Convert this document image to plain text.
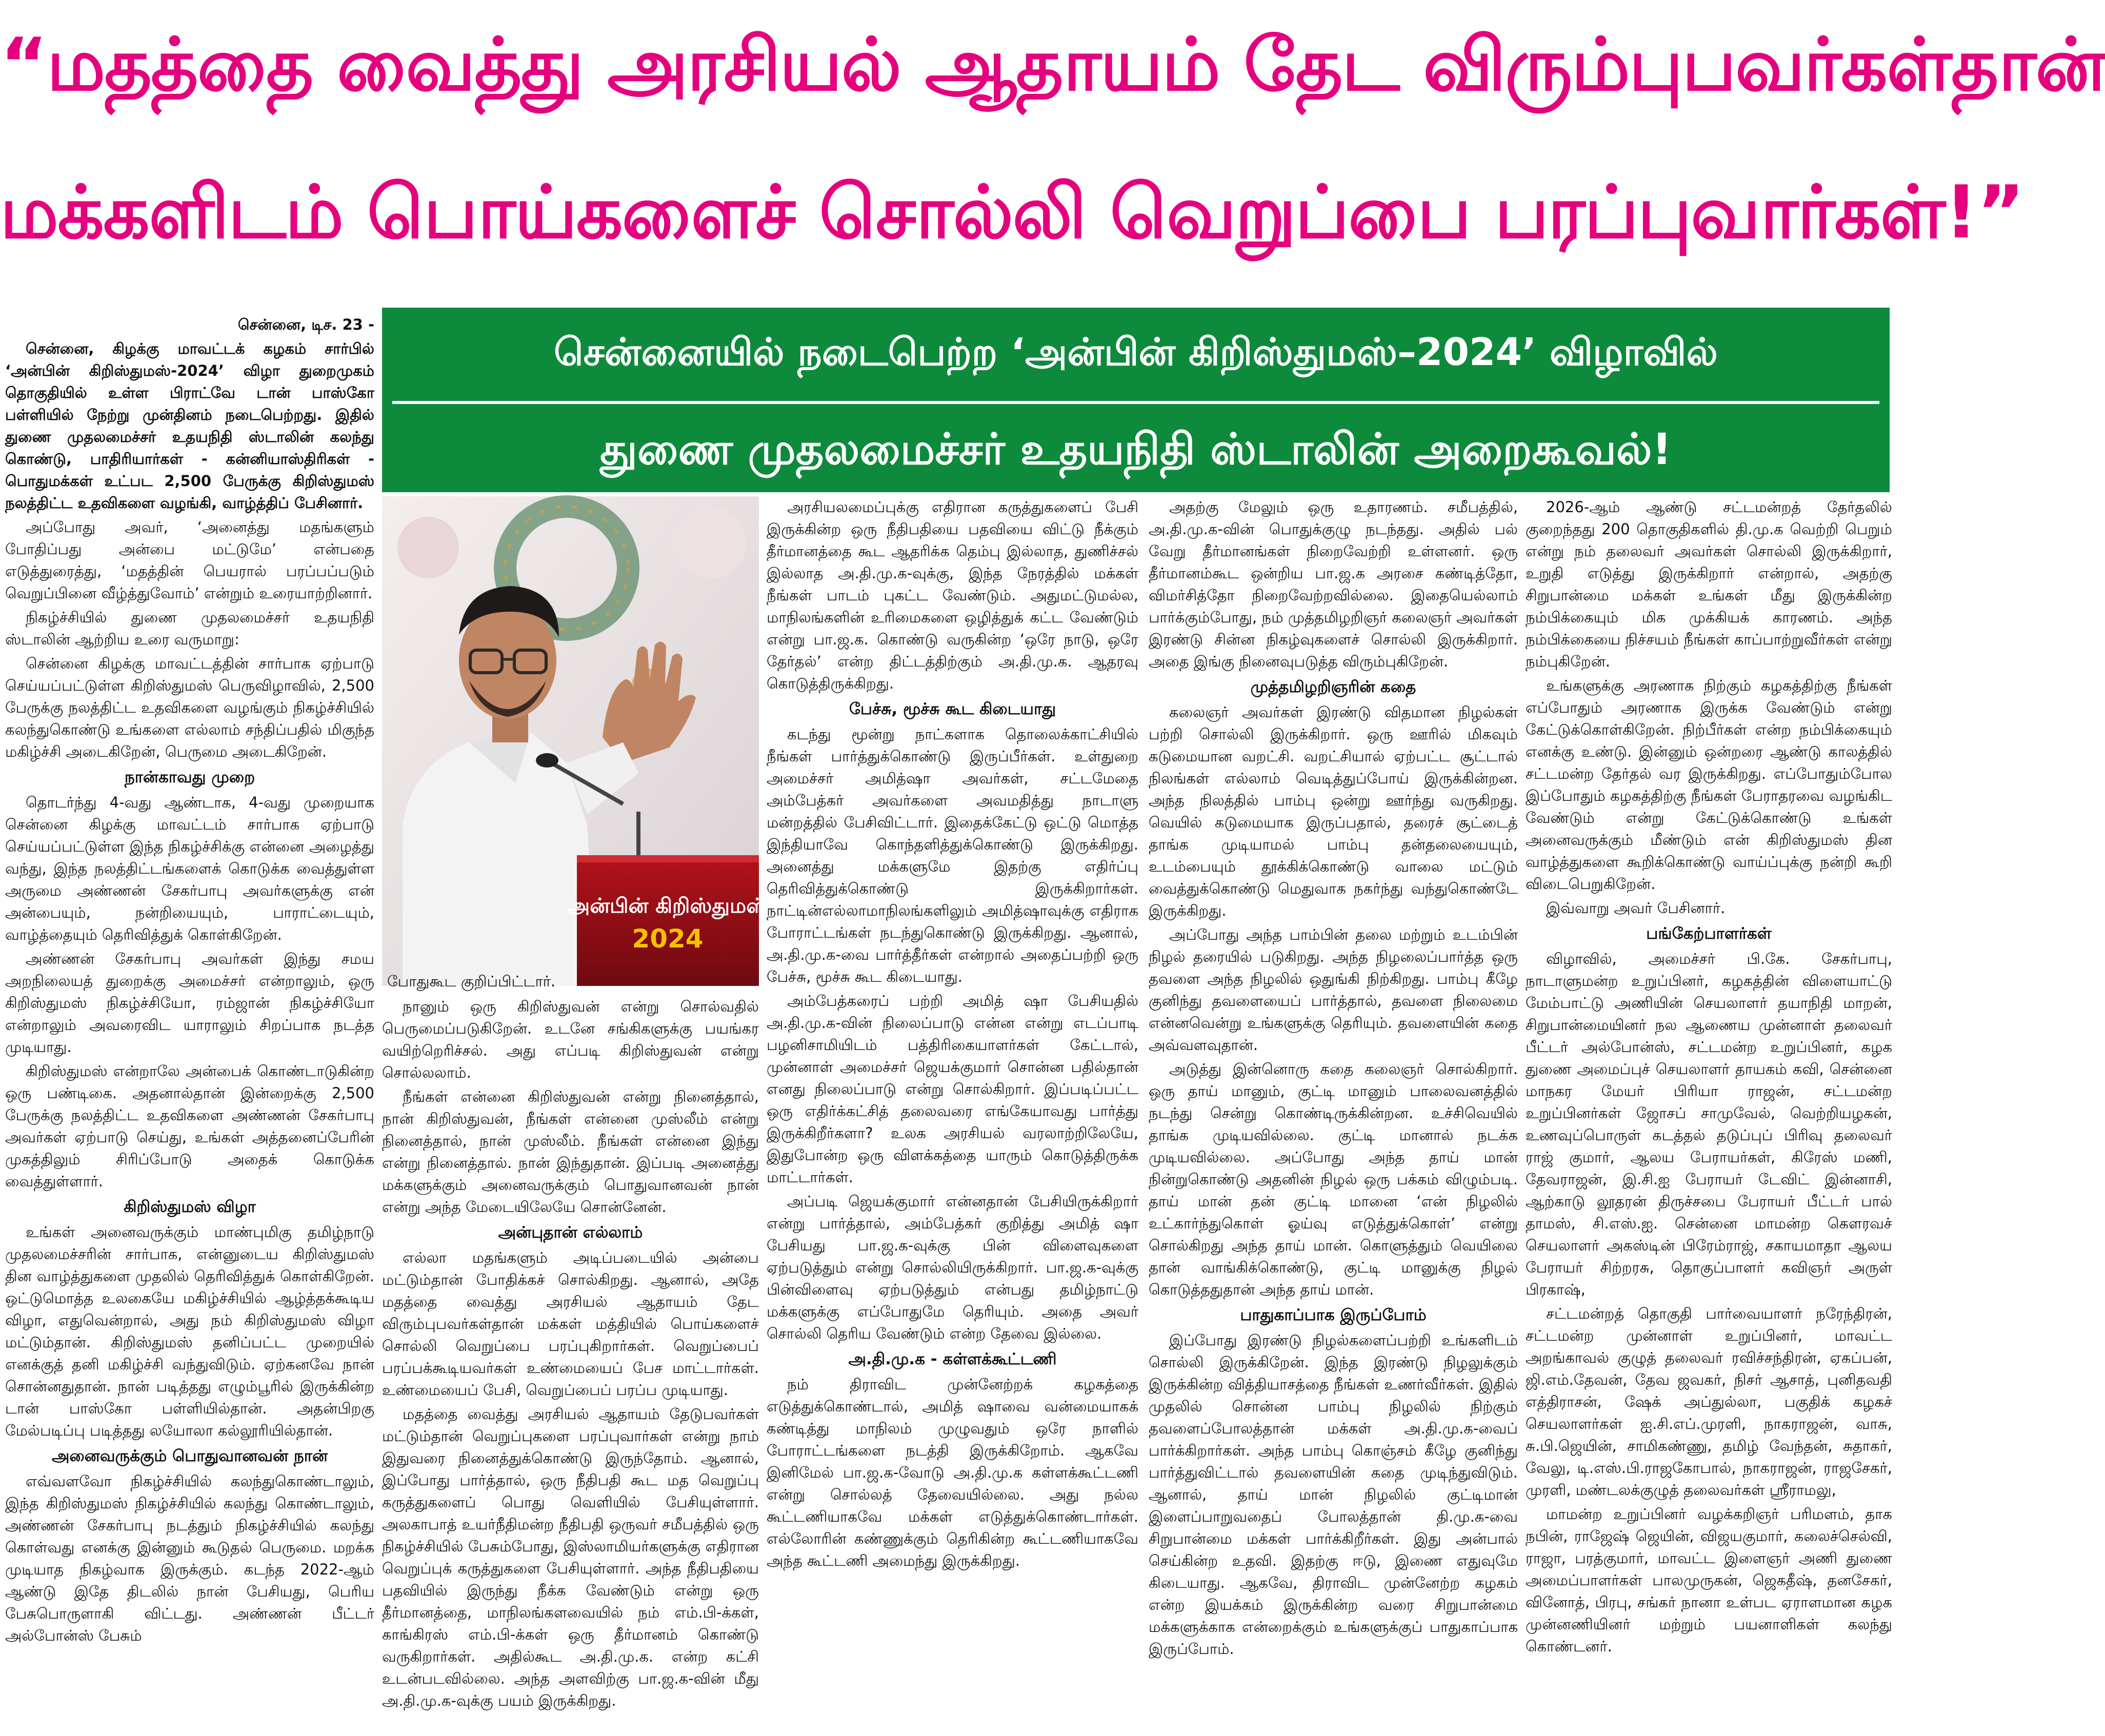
“மதத்தை வைத்து அரசியல் ஆதாயம் தேட விரும்புபவர்கள்தான்
மக்களிடம் பொய்களைச் சொல்லி வெறுப்பை பரப்புவார்கள்!”

சென்னை, டிச. 23 -

சென்னை, கிழக்கு மாவட்டக் கழகம் சார்பில் ‘அன்பின் கிறிஸ்துமஸ்-2024’ விழா துறைமுகம் தொகுதியில் உள்ள பிராட்வே டான் பாஸ்கோ பள்ளியில் நேற்று முன்தினம் நடைபெற்றது. இதில் துணை முதலமைச்சர் உதயநிதி ஸ்டாலின் கலந்து கொண்டு, பாதிரியார்கள் - கன்னியாஸ்திரிகள் - பொதுமக்கள் உட்பட 2,500 பேருக்கு கிறிஸ்துமஸ் நலத்திட்ட உதவிகளை வழங்கி, வாழ்த்திப் பேசினார்.

அப்போது அவர், ‘அனைத்து மதங்களும் போதிப்பது அன்பை மட்டுமே’ என்பதை எடுத்துரைத்து, ‘மதத்தின் பெயரால் பரப்பப்படும் வெறுப்பினை வீழ்த்துவோம்’ என்றும் உரையாற்றினார்.

நிகழ்ச்சியில் துணை முதலமைச்சர் உதயநிதி ஸ்டாலின் ஆற்றிய உரை வருமாறு:

சென்னை கிழக்கு மாவட்டத்தின் சார்பாக ஏற்பாடு செய்யப்பட்டுள்ள கிறிஸ்துமஸ் பெருவிழாவில், 2,500 பேருக்கு நலத்திட்ட உதவிகளை வழங்கும் நிகழ்ச்சியில் கலந்துகொண்டு உங்களை எல்லாம் சந்திப்பதில் மிகுந்த மகிழ்ச்சி அடைகிறேன், பெருமை அடைகிறேன்.

நான்காவது முறை

தொடர்ந்து 4-வது ஆண்டாக, 4-வது முறையாக சென்னை கிழக்கு மாவட்டம் சார்பாக ஏற்பாடு செய்யப்பட்டுள்ள இந்த நிகழ்ச்சிக்கு என்னை அழைத்து வந்து, இந்த நலத்திட்டங்களைக் கொடுக்க வைத்துள்ள அருமை அண்ணன் சேகர்பாபு அவர்களுக்கு என் அன்பையும், நன்றியையும், பாராட்டையும், வாழ்த்தையும் தெரிவித்துக் கொள்கிறேன்.

அண்ணன் சேகர்பாபு அவர்கள் இந்து சமய அறநிலையத் துறைக்கு அமைச்சர் என்றாலும், ஒரு கிறிஸ்துமஸ் நிகழ்ச்சியோ, ரம்ஜான் நிகழ்ச்சியோ என்றாலும் அவரைவிட யாராலும் சிறப்பாக நடத்த முடியாது.

கிறிஸ்துமஸ் என்றாலே அன்பைக் கொண்டாடுகின்ற ஒரு பண்டிகை. அதனால்தான் இன்றைக்கு 2,500 பேருக்கு நலத்திட்ட உதவிகளை அண்ணன் சேகர்பாபு அவர்கள் ஏற்பாடு செய்து, உங்கள் அத்தனைப்பேரின் முகத்திலும் சிரிப்போடு அதைக் கொடுக்க வைத்துள்ளார்.

கிறிஸ்துமஸ் விழா

உங்கள் அனைவருக்கும் மாண்புமிகு தமிழ்நாடு முதலமைச்சரின் சார்பாக, என்னுடைய கிறிஸ்துமஸ் தின வாழ்த்துகளை முதலில் தெரிவித்துக் கொள்கிறேன். ஒட்டுமொத்த உலகையே மகிழ்ச்சியில் ஆழ்த்தக்கூடிய விழா, எதுவென்றால், அது நம் கிறிஸ்துமஸ் விழா மட்டும்தான். கிறிஸ்துமஸ் தனிப்பட்ட முறையில் எனக்குத் தனி மகிழ்ச்சி வந்துவிடும். ஏற்கனவே நான் சொன்னதுதான். நான் படித்தது எழும்பூரில் இருக்கின்ற டான் பாஸ்கோ பள்ளியில்தான். அதன்பிறகு மேல்படிப்பு படித்தது லயோலா கல்லூரியில்தான்.

அனைவருக்கும் பொதுவானவன் நான்

எவ்வளவோ நிகழ்ச்சியில் கலந்துகொண்டாலும், இந்த கிறிஸ்துமஸ் நிகழ்ச்சியில் கலந்து கொண்டாலும், அண்ணன் சேகர்பாபு நடத்தும் நிகழ்ச்சியில் கலந்து கொள்வது எனக்கு இன்னும் கூடுதல் பெருமை. மறக்க முடியாத நிகழ்வாக இருக்கும். கடந்த 2022-ஆம் ஆண்டு இதே திடலில் நான் பேசியது, பெரிய பேசுபொருளாகி விட்டது. அண்ணன் பீட்டர் அல்போன்ஸ் பேசும்

சென்னையில் நடைபெற்ற ‘அன்பின் கிறிஸ்துமஸ்–2024’ விழாவில்
துணை முதலமைச்சர் உதயநிதி ஸ்டாலின் அறைகூவல்!
அன்பின் கிறிஸ்துமஸ்
2024
போதுகூட குறிப்பிட்டார்.

நானும் ஒரு கிறிஸ்துவன் என்று சொல்வதில் பெருமைப்படுகிறேன். உடனே சங்கிகளுக்கு பயங்கர வயிற்றெரிச்சல். அது எப்படி கிறிஸ்துவன் என்று சொல்லலாம்.

நீங்கள் என்னை கிறிஸ்துவன் என்று நினைத்தால், நான் கிறிஸ்துவன், நீங்கள் என்னை முஸ்லீம் என்று நினைத்தால், நான் முஸ்லீம். நீங்கள் என்னை இந்து என்று நினைத்தால். நான் இந்துதான். இப்படி அனைத்து மக்களுக்கும் அனைவருக்கும் பொதுவானவன் நான் என்று அந்த மேடையிலேயே சொன்னேன்.

அன்புதான் எல்லாம்

எல்லா மதங்களும் அடிப்படையில் அன்பை மட்டும்தான் போதிக்கச் சொல்கிறது. ஆனால், அதே மதத்தை வைத்து அரசியல் ஆதாயம் தேட விரும்புபவர்கள்தான் மக்கள் மத்தியில் பொய்களைச் சொல்லி வெறுப்பை பரப்புகிறார்கள். வெறுப்பைப் பரப்பக்கூடியவர்கள் உண்மையைப் பேச மாட்டார்கள். உண்மையைப் பேசி, வெறுப்பைப் பரப்ப முடியாது.

மதத்தை வைத்து அரசியல் ஆதாயம் தேடுபவர்கள் மட்டும்தான் வெறுப்புகளை பரப்புவார்கள் என்று நாம் இதுவரை நினைத்துக்கொண்டு இருந்தோம். ஆனால், இப்போது பார்த்தால், ஒரு நீதிபதி கூட மத வெறுப்பு கருத்துகளைப் பொது வெளியில் பேசியுள்ளார். அலகாபாத் உயர்நீதிமன்ற நீதிபதி ஒருவர் சமீபத்தில் ஒரு நிகழ்ச்சியில் பேசும்போது, இஸ்லாமியர்களுக்கு எதிரான வெறுப்புக் கருத்துகளை பேசியுள்ளார். அந்த நீதிபதியை பதவியில் இருந்து நீக்க வேண்டும் என்று ஒரு தீர்மானத்தை, மாநிலங்களவையில் நம் எம்.பி-க்கள், காங்கிரஸ் எம்.பி-க்கள் ஒரு தீர்மானம் கொண்டு வருகிறார்கள். அதில்கூட அ.தி.மு.க. என்ற கட்சி உடன்படவில்லை. அந்த அளவிற்கு பா.ஜ.க-வின் மீது அ.தி.மு.க-வுக்கு பயம் இருக்கிறது.

அரசியலமைப்புக்கு எதிரான கருத்துகளைப் பேசி இருக்கின்ற ஒரு நீதிபதியை பதவியை விட்டு நீக்கும் தீர்மானத்தை கூட ஆதரிக்க தெம்பு இல்லாத, துணிச்சல் இல்லாத அ.தி.மு.க-வுக்கு, இந்த நேரத்தில் மக்கள் நீங்கள் பாடம் புகட்ட வேண்டும். அதுமட்டுமல்ல, மாநிலங்களின் உரிமைகளை ஒழித்துக் கட்ட வேண்டும் என்று பா.ஜ.க. கொண்டு வருகின்ற ‘ஒரே நாடு, ஒரே தேர்தல்’ என்ற திட்டத்திற்கும் அ.தி.மு.க. ஆதரவு கொடுத்திருக்கிறது.

பேச்சு, மூச்சு கூட கிடையாது

கடந்து மூன்று நாட்களாக தொலைக்காட்சியில் நீங்கள் பார்த்துக்கொண்டு இருப்பீர்கள். உள்துறை அமைச்சர் அமித்ஷா அவர்கள், சட்டமேதை அம்பேத்கர் அவர்களை அவமதித்து நாடாளு மன்றத்தில் பேசிவிட்டார். இதைக்கேட்டு ஒட்டு மொத்த இந்தியாவே கொந்தளித்துக்கொண்டு இருக்கிறது. அனைத்து மக்களுமே இதற்கு எதிர்ப்பு தெரிவித்துக்கொண்டு இருக்கிறார்கள். நாட்டின்எல்லாமாநிலங்களிலும் அமித்ஷாவுக்கு எதிராக போராட்டங்கள் நடந்துகொண்டு இருக்கிறது. ஆனால், அ.தி.மு.க-வை பார்த்தீர்கள் என்றால் அதைப்பற்றி ஒரு பேச்சு, மூச்சு கூட கிடையாது.

அம்பேத்கரைப் பற்றி அமித் ஷா பேசியதில் அ.தி.மு.க-வின் நிலைப்பாடு என்ன என்று எடப்பாடி பழனிசாமியிடம் பத்திரிகையாளர்கள் கேட்டால், முன்னாள் அமைச்சர் ஜெயக்குமார் சொன்ன பதில்தான் எனது நிலைப்பாடு என்று சொல்கிறார். இப்படிப்பட்ட ஒரு எதிர்க்கட்சித் தலைவரை எங்கேயாவது பார்த்து இருக்கிறீர்களா? உலக அரசியல் வரலாற்றிலேயே, இதுபோன்ற ஒரு விளக்கத்தை யாரும் கொடுத்திருக்க மாட்டார்கள்.

அப்படி ஜெயக்குமார் என்னதான் பேசியிருக்கிறார் என்று பார்த்தால், அம்பேத்கர் குறித்து அமித் ஷா பேசியது பா.ஜ.க-வுக்கு பின் விளைவுகளை ஏற்படுத்தும் என்று சொல்லியிருக்கிறார். பா.ஜ.க-வுக்கு பின்விளைவு ஏற்படுத்தும் என்பது தமிழ்நாட்டு மக்களுக்கு எப்போதுமே தெரியும். அதை அவர் சொல்லி தெரிய வேண்டும் என்ற தேவை இல்லை.

அ.தி.மு.க - கள்ளக்கூட்டணி

நம் திராவிட முன்னேற்றக் கழகத்தை எடுத்துக்கொண்டால், அமித் ஷாவை வன்மையாகக் கண்டித்து மாநிலம் முழுவதும் ஒரே நாளில் போராட்டங்களை நடத்தி இருக்கிறோம். ஆகவே இனிமேல் பா.ஜ.க-வோடு அ.தி.மு.க கள்ளக்கூட்டணி என்று சொல்லத் தேவையில்லை. அது நல்ல கூட்டணியாகவே மக்கள் எடுத்துக்கொண்டார்கள். எல்லோரின் கண்ணுக்கும் தெரிகின்ற கூட்டணியாகவே அந்த கூட்டணி அமைந்து இருக்கிறது.

அதற்கு மேலும் ஒரு உதாரணம். சமீபத்தில், அ.தி.மு.க-வின் பொதுக்குழு நடந்தது. அதில் பல் வேறு தீர்மானங்கள் நிறைவேற்றி உள்ளனர். ஒரு தீர்மானம்கூட ஒன்றிய பா.ஜ.க அரசை கண்டித்தோ, விமர்சித்தோ நிறைவேற்றவில்லை. இதையெல்லாம் பார்க்கும்போது, நம் முத்தமிழறிஞர் கலைஞர் அவர்கள் இரண்டு சின்ன நிகழ்வுகளைச் சொல்லி இருக்கிறார். அதை இங்கு நினைவுபடுத்த விரும்புகிறேன்.

முத்தமிழறிஞரின் கதை

கலைஞர் அவர்கள் இரண்டு விதமான நிழல்கள் பற்றி சொல்லி இருக்கிறார். ஒரு ஊரில் மிகவும் கடுமையான வறட்சி. வறட்சியால் ஏற்பட்ட சூட்டால் நிலங்கள் எல்லாம் வெடித்துப்போய் இருக்கின்றன. அந்த நிலத்தில் பாம்பு ஒன்று ஊர்ந்து வருகிறது. வெயில் கடுமையாக இருப்பதால், தரைச் சூட்டைத் தாங்க முடியாமல் பாம்பு தன்தலையையும், உடம்பையும் தூக்கிக்கொண்டு வாலை மட்டும் வைத்துக்கொண்டு மெதுவாக நகர்ந்து வந்துகொண்டே இருக்கிறது.

அப்போது அந்த பாம்பின் தலை மற்றும் உடம்பின் நிழல் தரையில் படுகிறது. அந்த நிழலைப்பார்த்த ஒரு தவளை அந்த நிழலில் ஒதுங்கி நிற்கிறது. பாம்பு கீழே குனிந்து தவளையைப் பார்த்தால், தவளை நிலைமை என்னவென்று உங்களுக்கு தெரியும். தவளையின் கதை அவ்வளவுதான்.

அடுத்து இன்னொரு கதை கலைஞர் சொல்கிறார். ஒரு தாய் மானும், குட்டி மானும் பாலைவனத்தில் நடந்து சென்று கொண்டிருக்கின்றன. உச்சிவெயில் தாங்க முடியவில்லை. குட்டி மானால் நடக்க முடியவில்லை. அப்போது அந்த தாய் மான் நின்றுகொண்டு அதனின் நிழல் ஒரு பக்கம் விழும்படி. தாய் மான் தன் குட்டி மானை ‘என் நிழலில் உட்கார்ந்துகொள் ஓய்வு எடுத்துக்கொள்’ என்று சொல்கிறது அந்த தாய் மான். கொளுத்தும் வெயிலை தான் வாங்கிக்கொண்டு, குட்டி மானுக்கு நிழல் கொடுத்ததுதான் அந்த தாய் மான்.

பாதுகாப்பாக இருப்போம்

இப்போது இரண்டு நிழல்களைப்பற்றி உங்களிடம் சொல்லி இருக்கிறேன். இந்த இரண்டு நிழலுக்கும் இருக்கின்ற வித்தியாசத்தை நீங்கள் உணர்வீர்கள். இதில் முதலில் சொன்ன பாம்பு நிழலில் நிற்கும் தவளைப்போலத்தான் மக்கள் அ.தி.மு.க-வைப் பார்க்கிறார்கள். அந்த பாம்பு கொஞ்சம் கீழே குனிந்து பார்த்துவிட்டால் தவளையின் கதை முடிந்துவிடும். ஆனால், தாய் மான் நிழலில் குட்டிமான் இளைப்பாறுவதைப் போலத்தான் தி.மு.க-வை சிறுபான்மை மக்கள் பார்க்கிறீர்கள். இது அன்பால் செய்கின்ற உதவி. இதற்கு ஈடு, இணை எதுவுமே கிடையாது. ஆகவே, திராவிட முன்னேற்ற கழகம் என்ற இயக்கம் இருக்கின்ற வரை சிறுபான்மை மக்களுக்காக என்றைக்கும் உங்களுக்குப் பாதுகாப்பாக இருப்போம்.

2026-ஆம் ஆண்டு சட்டமன்றத் தேர்தலில் குறைந்தது 200 தொகுதிகளில் தி.மு.க வெற்றி பெறும் என்று நம் தலைவர் அவர்கள் சொல்லி இருக்கிறார், உறுதி எடுத்து இருக்கிறார் என்றால், அதற்கு சிறுபான்மை மக்கள் உங்கள் மீது இருக்கின்ற நம்பிக்கையும் மிக முக்கியக் காரணம். அந்த நம்பிக்கையை நிச்சயம் நீங்கள் காப்பாற்றுவீர்கள் என்று நம்புகிறேன்.

உங்களுக்கு அரணாக நிற்கும் கழகத்திற்கு நீங்கள் எப்போதும் அரணாக இருக்க வேண்டும் என்று கேட்டுக்கொள்கிறேன். நிற்பீர்கள் என்ற நம்பிக்கையும் எனக்கு உண்டு. இன்னும் ஒன்றரை ஆண்டு காலத்தில் சட்டமன்ற தேர்தல் வர இருக்கிறது. எப்போதும்போல இப்போதும் கழகத்திற்கு நீங்கள் பேராதரவை வழங்கிட வேண்டும் என்று கேட்டுக்கொண்டு உங்கள் அனைவருக்கும் மீண்டும் என் கிறிஸ்துமஸ் தின வாழ்த்துகளை கூறிக்கொண்டு வாய்ப்புக்கு நன்றி கூறி விடைபெறுகிறேன்.

இவ்வாறு அவர் பேசினார்.

பங்கேற்பாளர்கள்

விழாவில், அமைச்சர் பி.கே. சேகர்பாபு, நாடாளுமன்ற உறுப்பினர், கழகத்தின் விளையாட்டு மேம்பாட்டு அணியின் செயலாளர் தயாநிதி மாறன், சிறுபான்மையினர் நல ஆணைய முன்னாள் தலைவர் பீட்டர் அல்போன்ஸ், சட்டமன்ற உறுப்பினர், கழக துணை அமைப்புச் செயலாளர் தாயகம் கவி, சென்னை மாநகர மேயர் பிரியா ராஜன், சட்டமன்ற உறுப்பினர்கள் ஜோசப் சாமுவேல், வெற்றியழகன், உணவுப்பொருள் கடத்தல் தடுப்புப் பிரிவு தலைவர் ராஜ் குமார், ஆலய பேராயர்கள், கிரேஸ் மணி, தேவராஜன், இ.சி.ஐ பேராயர் டேவிட் இன்னாசி, ஆற்காடு லூதரன் திருச்சபை பேராயர் பீட்டர் பால் தாமஸ், சி.எஸ்.ஐ. சென்னை மாமன்ற கௌரவச் செயலாளர் அகஸ்டின் பிரேம்ராஜ், சகாயமாதா ஆலய பேராயர் சிற்றரசு, தொகுப்பாளர் கவிஞர் அருள் பிரகாஷ்,

சட்டமன்றத் தொகுதி பார்வையாளர் நரேந்திரன், சட்டமன்ற முன்னாள் உறுப்பினர், மாவட்ட அறங்காவல் குழுத் தலைவர் ரவிச்சந்திரன், ஏகப்பன், ஜி.எம்.தேவன், தேவ ஜவகர், நிசர் ஆசாத், புனிதவதி எத்திராசன், ஷேக் அப்துல்லா, பகுதிக் கழகச் செயலாளர்கள் ஐ.சி.எப்.முரளி, நாகராஜன், வாசு, சு.பி.ஜெயின், சாமிகண்ணு, தமிழ் வேந்தன், சுதாகர், வேலு, டி.எஸ்.பி.ராஜகோபால், நாகராஜன், ராஜசேகர், முரளி, மண்டலக்குழுத் தலைவர்கள் ஸ்ரீராமலு,

மாமன்ற உறுப்பினர் வழக்கறிஞர் பரிமளம், தாக நபின், ராஜேஷ் ஜெயின், விஜயகுமார், கலைச்செல்வி, ராஜா, பரத்குமார், மாவட்ட இளைஞர் அணி துணை அமைப்பாளர்கள் பாலமுருகன், ஜெகதீஷ், தனசேகர், வினோத், பிரபு, சங்கர் நானா உள்பட ஏராளமான கழக முன்னணியினர் மற்றும் பயனாளிகள் கலந்து கொண்டனர்.
